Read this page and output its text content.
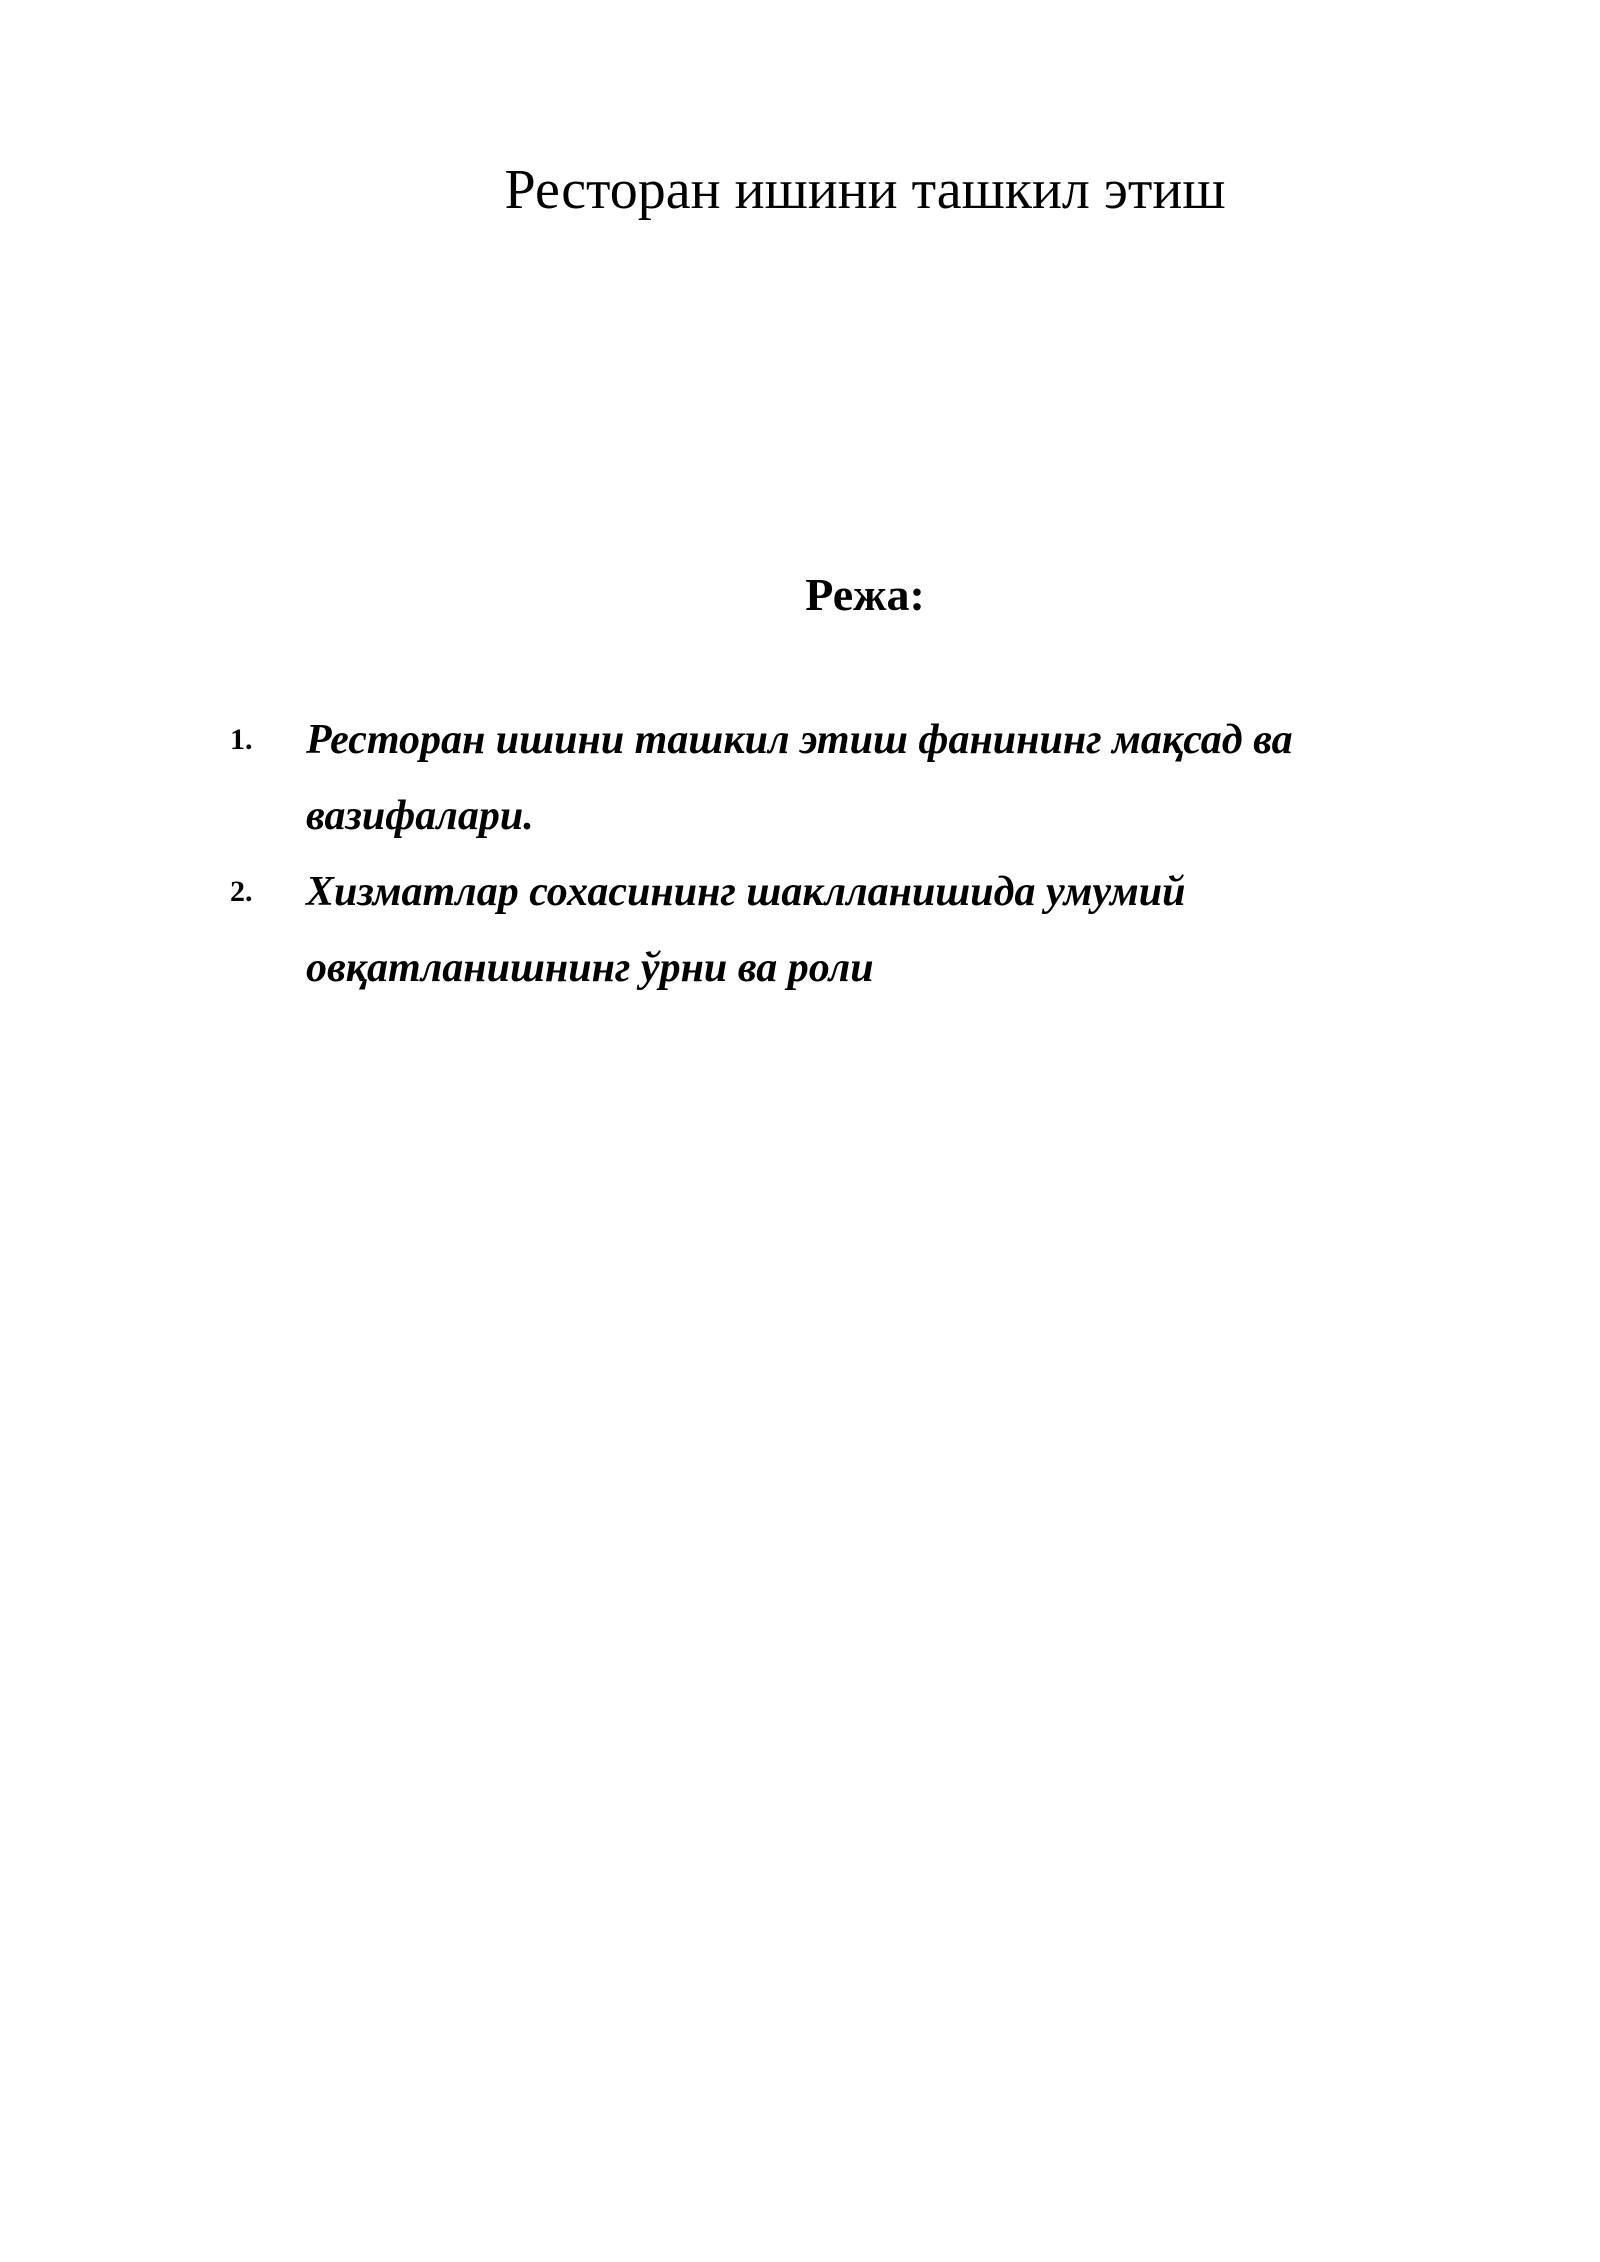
Ресторан ишини ташкил этиш
Режа:
1. Ресторан ишини ташкил этиш фанининг мақсад ва
вазифалари.
2. Хизматлар сохасининг шаклланишида умумий
овқатланишнинг ўрни ва роли
